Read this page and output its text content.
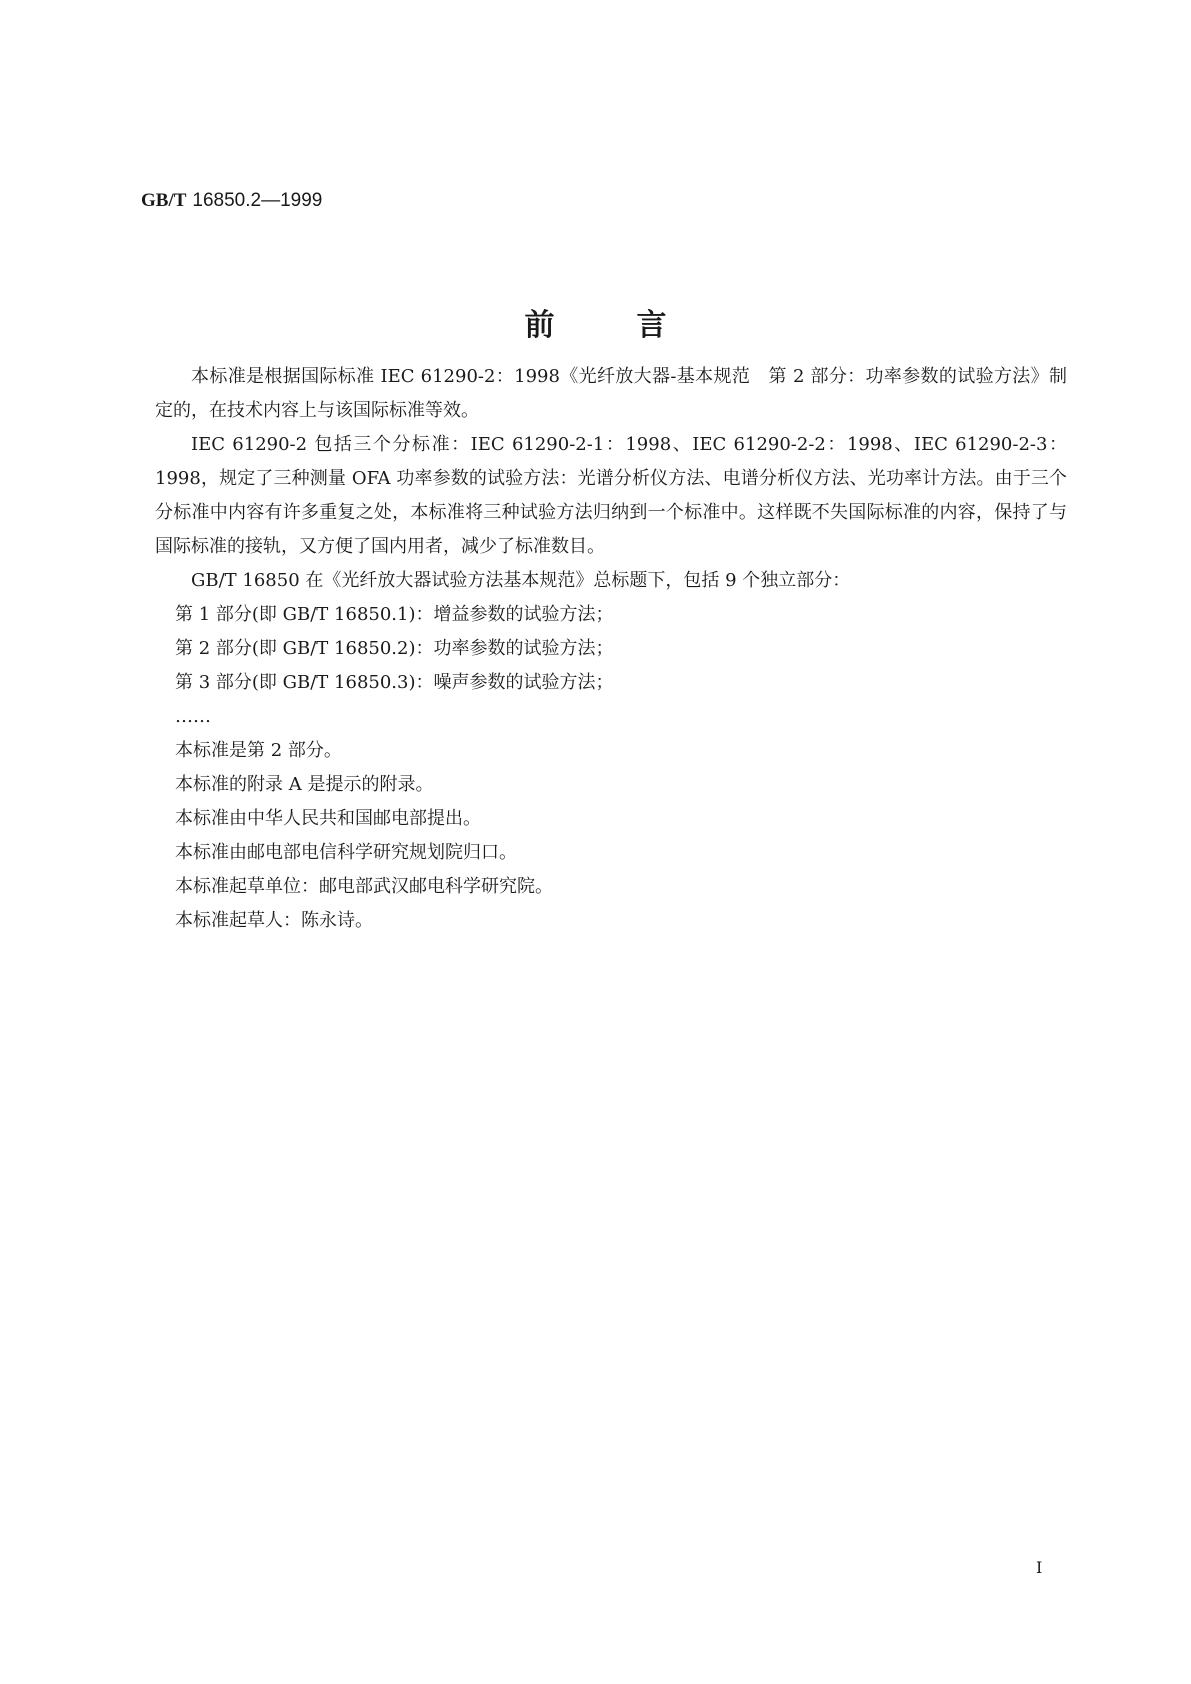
GB/T 16850.2—1999
前言

本标准是根据国际标准 IEC 61290-2：1998《光纤放大器-基本规范　第 2 部分：功率参数的试验方法》制定的，在技术内容上与该国际标准等效。

IEC 61290-2 包括三个分标准：IEC 61290-2-1：1998、IEC 61290-2-2：1998、IEC 61290-2-3：1998，规定了三种测量 OFA 功率参数的试验方法：光谱分析仪方法、电谱分析仪方法、光功率计方法。由于三个分标准中内容有许多重复之处，本标准将三种试验方法归纳到一个标准中。这样既不失国际标准的内容，保持了与国际标准的接轨，又方便了国内用者，减少了标准数目。

GB/T 16850 在《光纤放大器试验方法基本规范》总标题下，包括 9 个独立部分：

第 1 部分(即 GB/T 16850.1)：增益参数的试验方法；
第 2 部分(即 GB/T 16850.2)：功率参数的试验方法；
第 3 部分(即 GB/T 16850.3)：噪声参数的试验方法；
……
本标准是第 2 部分。
本标准的附录 A 是提示的附录。
本标准由中华人民共和国邮电部提出。
本标准由邮电部电信科学研究规划院归口。
本标准起草单位：邮电部武汉邮电科学研究院。
本标准起草人：陈永诗。
I
